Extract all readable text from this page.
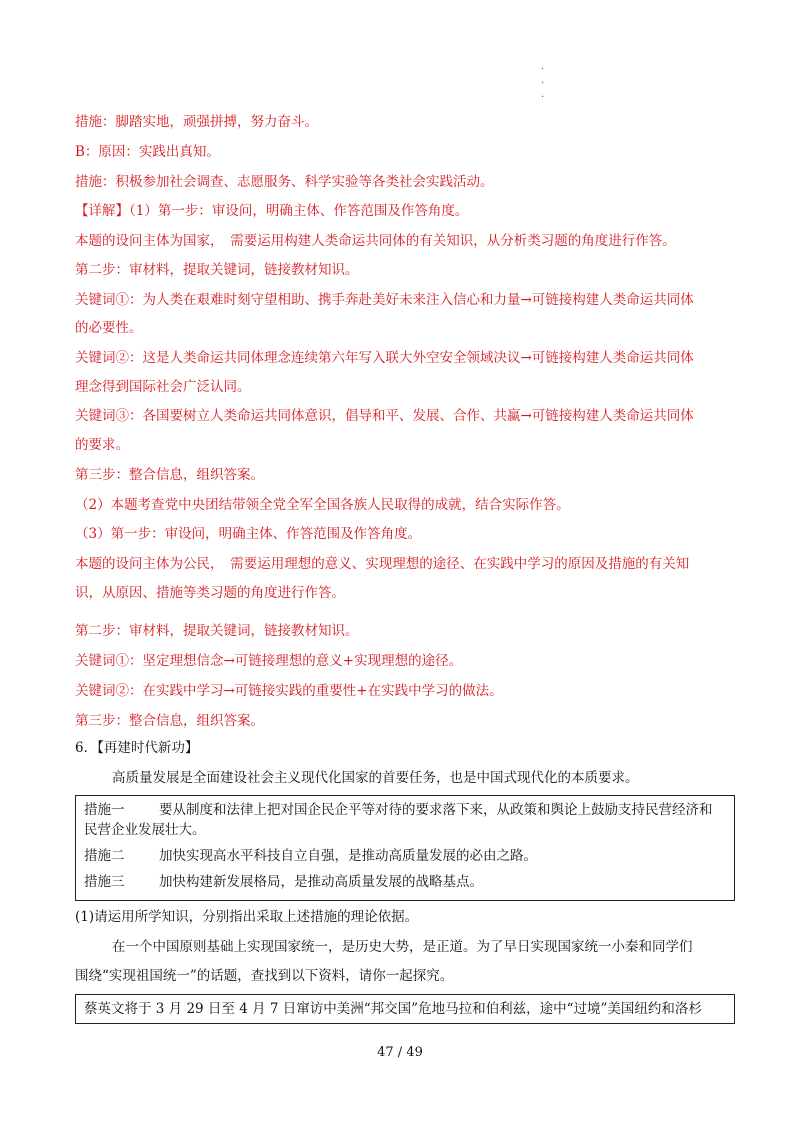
.
.
.
措施：脚踏实地，顽强拼搏，努力奋斗。
B：原因：实践出真知。
措施：积极参加社会调查、志愿服务、科学实验等各类社会实践活动。
【详解】（1）第一步：审设问，明确主体、作答范围及作答角度。
本题的设问主体为国家，　需要运用构建人类命运共同体的有关知识，从分析类习题的角度进行作答。
第二步：审材料，提取关键词，链接教材知识。
关键词①：为人类在艰难时刻守望相助、携手奔赴美好未来注入信心和力量→可链接构建人类命运共同体
的必要性。
关键词②：这是人类命运共同体理念连续第六年写入联大外空安全领域决议→可链接构建人类命运共同体
理念得到国际社会广泛认同。
关键词③：各国要树立人类命运共同体意识，倡导和平、发展、合作、共赢→可链接构建人类命运共同体
的要求。
第三步：整合信息，组织答案。
（2）本题考查党中央团结带领全党全军全国各族人民取得的成就，结合实际作答。
（3）第一步：审设问，明确主体、作答范围及作答角度。
本题的设问主体为公民，　需要运用理想的意义、实现理想的途径、在实践中学习的原因及措施的有关知
识，从原因、措施等类习题的角度进行作答。
第二步：审材料，提取关键词，链接教材知识。
关键词①：坚定理想信念→可链接理想的意义+实现理想的途径。
关键词②：在实践中学习→可链接实践的重要性+在实践中学习的做法。
第三步：整合信息，组织答案。
6．【再建时代新功】
高质量发展是全面建设社会主义现代化国家的首要任务，也是中国式现代化的本质要求。
措施一	要从制度和法律上把对国企民企平等对待的要求落下来，从政策和舆论上鼓励支持民营经济和
民营企业发展壮大。
措施二	加快实现高水平科技自立自强，是推动高质量发展的必由之路。
措施三	加快构建新发展格局，是推动高质量发展的战略基点。
(1)请运用所学知识，分别指出采取上述措施的理论依据。
在一个中国原则基础上实现国家统一，是历史大势，是正道。为了早日实现国家统一小秦和同学们
围绕“实现祖国统一”的话题，查找到以下资料，请你一起探究。
蔡英文将于 3 月 29 日至 4 月 7 日窜访中美洲“邦交国”危地马拉和伯利兹，途中“过境”美国纽约和洛杉
47 / 49
